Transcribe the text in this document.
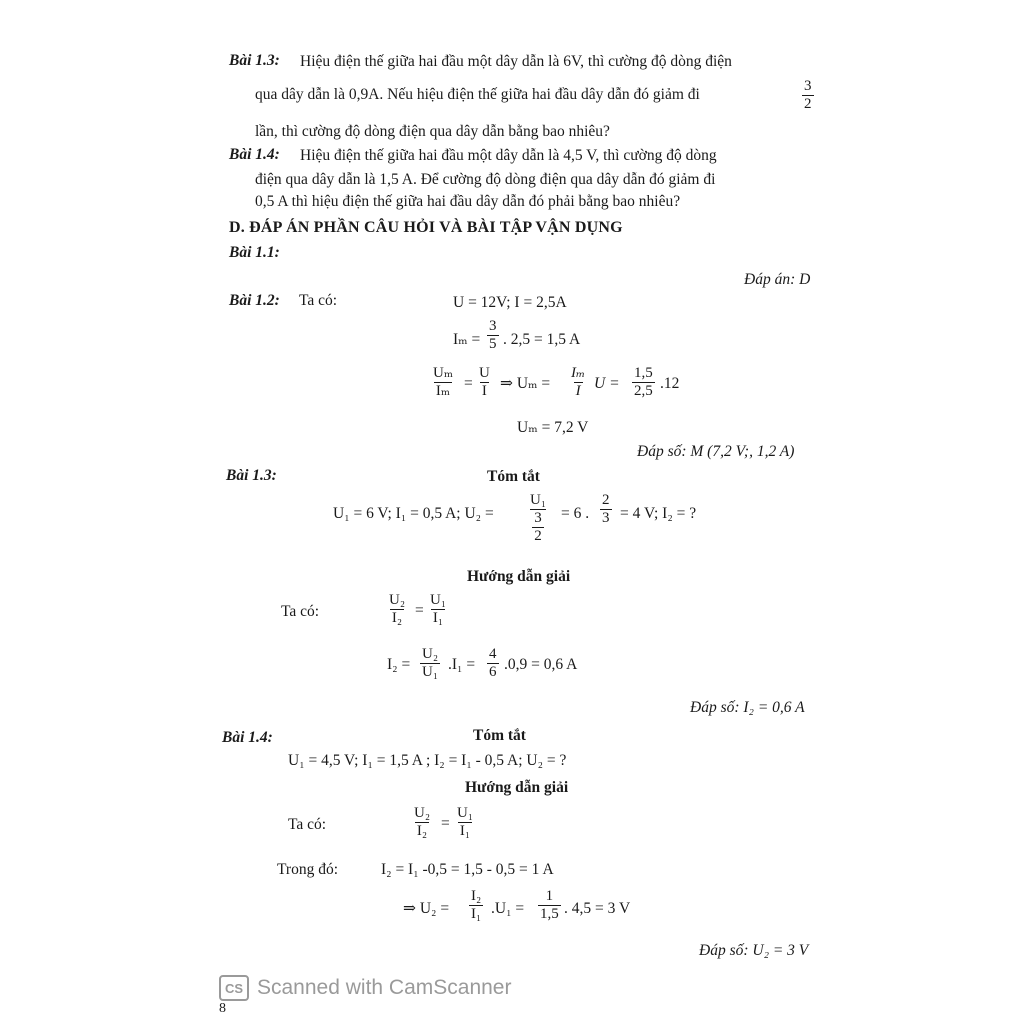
Bài 1.3: Hiệu điện thế giữa hai đầu một dây dẫn là 6V, thì cường độ dòng điện
qua dây dẫn là 0,9A. Nếu hiệu điện thế giữa hai đầu dây dẫn đó giảm đi	$\frac{3}{2}$
lần, thì cường độ dòng điện qua dây dẫn bằng bao nhiêu?
Bài 1.4: Hiệu điện thế giữa hai đầu một dây dẫn là 4,5 V, thì cường độ dòng
điện qua dây dẫn là 1,5 A. Để cường độ dòng điện qua dây dẫn đó giảm đi
0,5 A thì hiệu điện thế giữa hai đầu dây dẫn đó phải bằng bao nhiêu?
D. ĐÁP ÁN PHẦN CÂU HỎI VÀ BÀI TẬP VẬN DỤNG
Bài 1.1:
Đáp án: D
Bài 1.2: Ta có:	U = 12V; I = 2,5A
$I_m = \frac{3}{5}$ . 2,5 = 1,5 A
$\frac{\text{Uₘ}}{\text{Iₘ}} = \frac{U}{I}$ ⇒ $U_m = \frac{\text{Iₘ}}{I}$ $U = \frac{1,5}{2,5} .12$
Uₘ = 7,2 V
Đáp số: M (7,2 V;, 1,2 A)
Bài 1.3:	Tóm tắt
U₁ = 6 V; I₁ = 0,5 A; $U_2 = \frac{\text{U₁}}{\frac{3}{2}} = 6$ . $\frac{2}{3} = 4$ V; I₂ = ?
Hướng dẫn giải
Ta có:	$\frac{\text{U₂}}{\text{I₂}} = \frac{\text{U₁}}{\text{I₁}}$
$I_2 = \frac{\text{U₂}}{\text{U₁}} .I_1 = \frac{4}{6} .0,9 = 0,6$ A
Đáp số: I₂ = 0,6 A
Bài 1.4:	Tóm tắt
U₁ = 4,5 V; I₁ = 1,5 A ; I₂ = I₁ - 0,5 A; U₂ = ?
Hướng dẫn giải
Ta có:	$\frac{\text{U₂}}{\text{I₂}} = \frac{\text{U₁}}{\text{I₁}}$
Trong đó:	I₂ = I₁ -0,5 = 1,5 - 0,5 = 1 A
⇒ $U_2 = \frac{\text{I₂}}{\text{I₁}} .U_1 = \frac{1}{1,5}$ . 4,5 = 3 V
Đáp số: U₂ = 3 V
CS Scanned with CamScanner
8
